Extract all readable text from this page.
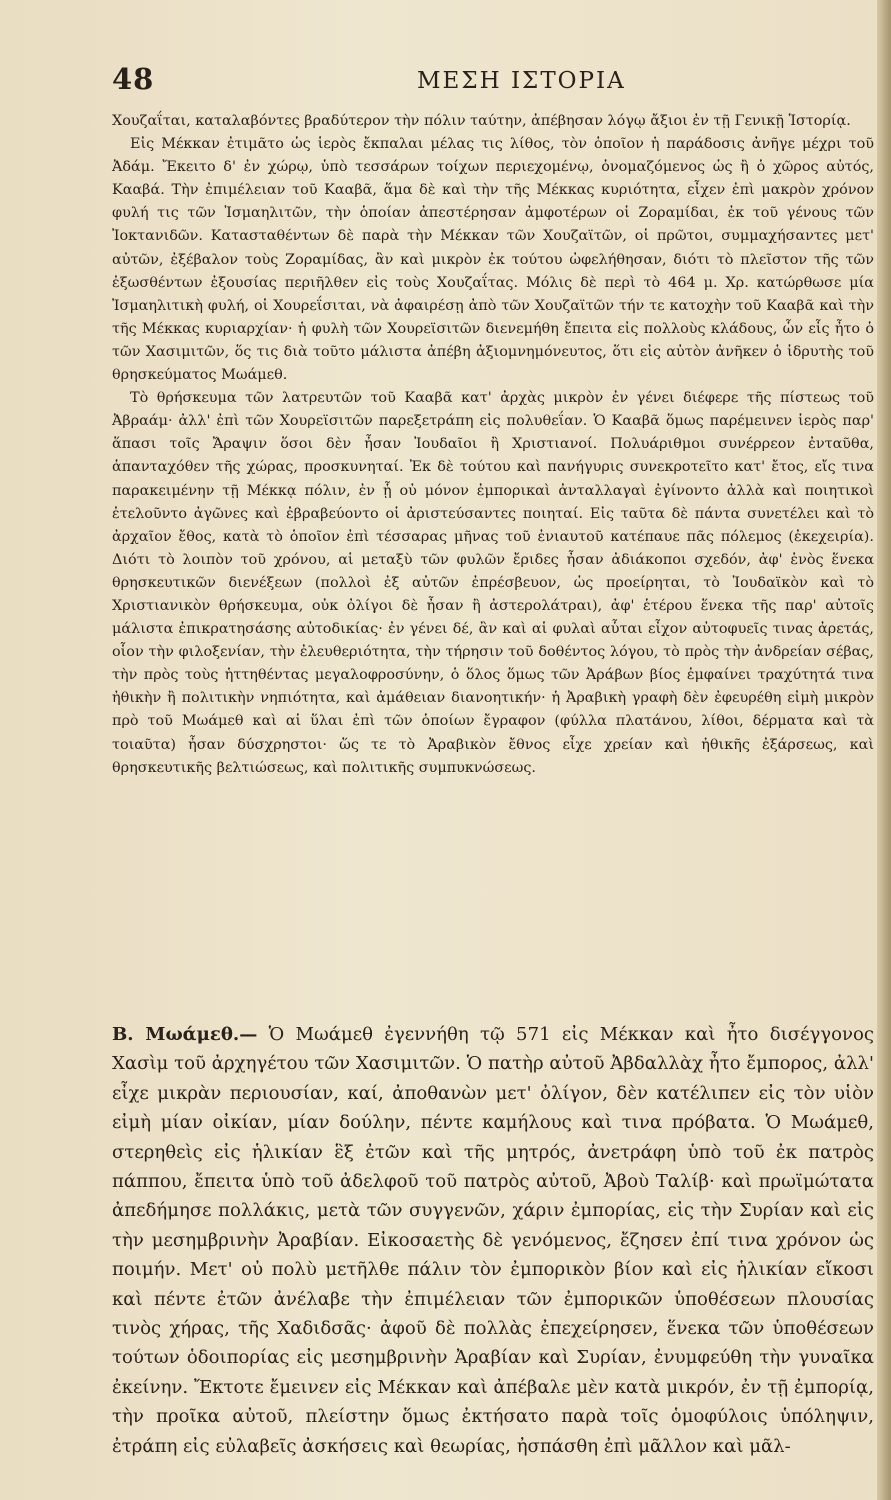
48	ΜΕΣΗ ΙΣΤΟΡΙΑ

Χουζαΐται, καταλαβόντες βραδύτερον τὴν πόλιν ταύτην, ἀπέβησαν λόγῳ ἄξιοι ἐν τῇ Γενικῇ Ἱστορίᾳ.

Εἰς Μέκκαν ἐτιμᾶτο ὡς ἱερὸς ἔκπαλαι μέλας τις λίθος, τὸν ὁποῖον ἡ παράδοσις ἀνῆγε μέχρι τοῦ Ἀδάμ. Ἔκειτο δ' ἐν χώρῳ, ὑπὸ τεσσάρων τοίχων περιεχομένῳ, ὀνομαζόμενος ὡς ἢ ὁ χῶρος αὐτός, Κααβά. Τὴν ἐπιμέλειαν τοῦ Κααβᾶ, ἅμα δὲ καὶ τὴν τῆς Μέκκας κυριότητα, εἶχεν ἐπὶ μακρὸν χρόνον φυλή τις τῶν Ἰσμαηλιτῶν, τὴν ὁποίαν ἀπεστέρησαν ἀμφοτέρων οἱ Ζοραμίδαι, ἐκ τοῦ γένους τῶν Ἰοκτανιδῶν. Κατασταθέντων δὲ παρὰ τὴν Μέκκαν τῶν Χουζαϊτῶν, οἱ πρῶτοι, συμμαχήσαντες μετ' αὐτῶν, ἐξέβαλον τοὺς Ζοραμίδας, ἂν καὶ μικρὸν ἐκ τούτου ὠφελήθησαν, διότι τὸ πλεῖστον τῆς τῶν ἐξωσθέντων ἐξουσίας περιῆλθεν εἰς τοὺς Χουζαΐτας. Μόλις δὲ περὶ τὸ 464 μ. Χρ. κατώρθωσε μία Ἰσμαηλιτικὴ φυλή, οἱ Χουρεΐσιται, νὰ ἀφαιρέσῃ ἀπὸ τῶν Χουζαϊτῶν τήν τε κατοχὴν τοῦ Κααβᾶ καὶ τὴν τῆς Μέκκας κυριαρχίαν· ἡ φυλὴ τῶν Χουρεϊσιτῶν διενεμήθη ἔπειτα εἰς πολλοὺς κλάδους, ὧν εἷς ἦτο ὁ τῶν Χασιμιτῶν, ὅς τις διὰ τοῦτο μάλιστα ἀπέβη ἀξιομνημόνευτος, ὅτι εἰς αὐτὸν ἀνῆκεν ὁ ἱδρυτὴς τοῦ θρησκεύματος Μωάμεθ.

Τὸ θρήσκευμα τῶν λατρευτῶν τοῦ Κααβᾶ κατ' ἀρχὰς μικρὸν ἐν γένει διέφερε τῆς πίστεως τοῦ Ἀβραάμ· ἀλλ' ἐπὶ τῶν Χουρεϊσιτῶν παρεξετράπη εἰς πολυθεΐαν. Ὁ Κααβᾶ ὅμως παρέμεινεν ἱερὸς παρ' ἅπασι τοῖς Ἄραψιν ὅσοι δὲν ἦσαν Ἰουδαῖοι ἢ Χριστιανοί. Πολυάριθμοι συνέρρεον ἐνταῦθα, ἁπανταχόθεν τῆς χώρας, προσκυνηταί. Ἐκ δὲ τούτου καὶ πανήγυρις συνεκροτεῖτο κατ' ἔτος, εἴς τινα παρακειμένην τῇ Μέκκᾳ πόλιν, ἐν ᾗ οὐ μόνον ἐμπορικαὶ ἀνταλλαγαὶ ἐγίνοντο ἀλλὰ καὶ ποιητικοὶ ἐτελοῦντο ἀγῶνες καὶ ἐβραβεύοντο οἱ ἀριστεύσαντες ποιηταί. Εἰς ταῦτα δὲ πάντα συνετέλει καὶ τὸ ἀρχαῖον ἔθος, κατὰ τὸ ὁποῖον ἐπὶ τέσσαρας μῆνας τοῦ ἐνιαυτοῦ κατέπαυε πᾶς πόλεμος (ἐκεχειρία). Διότι τὸ λοιπὸν τοῦ χρόνου, αἱ μεταξὺ τῶν φυλῶν ἔριδες ἦσαν ἀδιάκοποι σχεδόν, ἀφ' ἑνὸς ἕνεκα θρησκευτικῶν διενέξεων (πολλοὶ ἐξ αὐτῶν ἐπρέσβευον, ὡς προείρηται, τὸ Ἰουδαϊκὸν καὶ τὸ Χριστιανικὸν θρήσκευμα, οὐκ ὀλίγοι δὲ ἦσαν ἢ ἀστερολάτραι), ἀφ' ἑτέρου ἕνεκα τῆς παρ' αὐτοῖς μάλιστα ἐπικρατησάσης αὐτοδικίας· ἐν γένει δέ, ἂν καὶ αἱ φυλαὶ αὗται εἶχον αὐτοφυεῖς τινας ἀρετάς, οἷον τὴν φιλοξενίαν, τὴν ἐλευθεριότητα, τὴν τήρησιν τοῦ δοθέντος λόγου, τὸ πρὸς τὴν ἀνδρείαν σέβας, τὴν πρὸς τοὺς ἡττηθέντας μεγαλοφροσύνην, ὁ ὅλος ὅμως τῶν Ἀράβων βίος ἐμφαίνει τραχύτητά τινα ἠθικὴν ἢ πολιτικὴν νηπιότητα, καὶ ἀμάθειαν διανοητικήν· ἡ Ἀραβικὴ γραφὴ δὲν ἐφευρέθη εἰμὴ μικρὸν πρὸ τοῦ Μωάμεθ καὶ αἱ ὕλαι ἐπὶ τῶν ὁποίων ἔγραφον (φύλλα πλατάνου, λίθοι, δέρματα καὶ τὰ τοιαῦτα) ἦσαν δύσχρηστοι· ὥς τε τὸ Ἀραβικὸν ἔθνος εἶχε χρείαν καὶ ἠθικῆς ἐξάρσεως, καὶ θρησκευτικῆς βελτιώσεως, καὶ πολιτικῆς συμπυκνώσεως.

Β. Μωάμεθ.— Ὁ Μωάμεθ ἐγεννήθη τῷ 571 εἰς Μέκκαν καὶ ἦτο δισέγγονος Χασὶμ τοῦ ἀρχηγέτου τῶν Χασιμιτῶν. Ὁ πατὴρ αὐτοῦ Ἀβδαλλὰχ ἦτο ἔμπορος, ἀλλ' εἶχε μικρὰν περιουσίαν, καί, ἀποθανὼν μετ' ὀλίγον, δὲν κατέλιπεν εἰς τὸν υἱὸν εἰμὴ μίαν οἰκίαν, μίαν δούλην, πέντε καμήλους καὶ τινα πρόβατα. Ὁ Μωάμεθ, στερηθεὶς εἰς ἡλικίαν ἓξ ἐτῶν καὶ τῆς μητρός, ἀνετράφη ὑπὸ τοῦ ἐκ πατρὸς πάππου, ἔπειτα ὑπὸ τοῦ ἀδελφοῦ τοῦ πατρὸς αὐτοῦ, Ἀβοὺ Ταλίβ· καὶ πρωϊμώτατα ἀπεδήμησε πολλάκις, μετὰ τῶν συγγενῶν, χάριν ἐμπορίας, εἰς τὴν Συρίαν καὶ εἰς τὴν μεσημβρινὴν Ἀραβίαν. Εἰκοσαετὴς δὲ γενόμενος, ἔζησεν ἐπί τινα χρόνον ὡς ποιμήν. Μετ' οὐ πολὺ μετῆλθε πάλιν τὸν ἐμπορικὸν βίον καὶ εἰς ἡλικίαν εἴκοσι καὶ πέντε ἐτῶν ἀνέλαβε τὴν ἐπιμέλειαν τῶν ἐμπορικῶν ὑποθέσεων πλουσίας τινὸς χήρας, τῆς Χαδιδσᾶς· ἀφοῦ δὲ πολλὰς ἐπεχείρησεν, ἕνεκα τῶν ὑποθέσεων τούτων ὁδοιπορίας εἰς μεσημβρινὴν Ἀραβίαν καὶ Συρίαν, ἐνυμφεύθη τὴν γυναῖκα ἐκείνην. Ἔκτοτε ἔμεινεν εἰς Μέκκαν καὶ ἀπέβαλε μὲν κατὰ μικρόν, ἐν τῇ ἐμπορίᾳ, τὴν προῖκα αὐτοῦ, πλείστην ὅμως ἐκτήσατο παρὰ τοῖς ὁμοφύλοις ὑπόληψιν, ἐτράπη εἰς εὐλαβεῖς ἀσκήσεις καὶ θεωρίας, ἠσπάσθη ἐπὶ μᾶλλον καὶ μᾶλ-
